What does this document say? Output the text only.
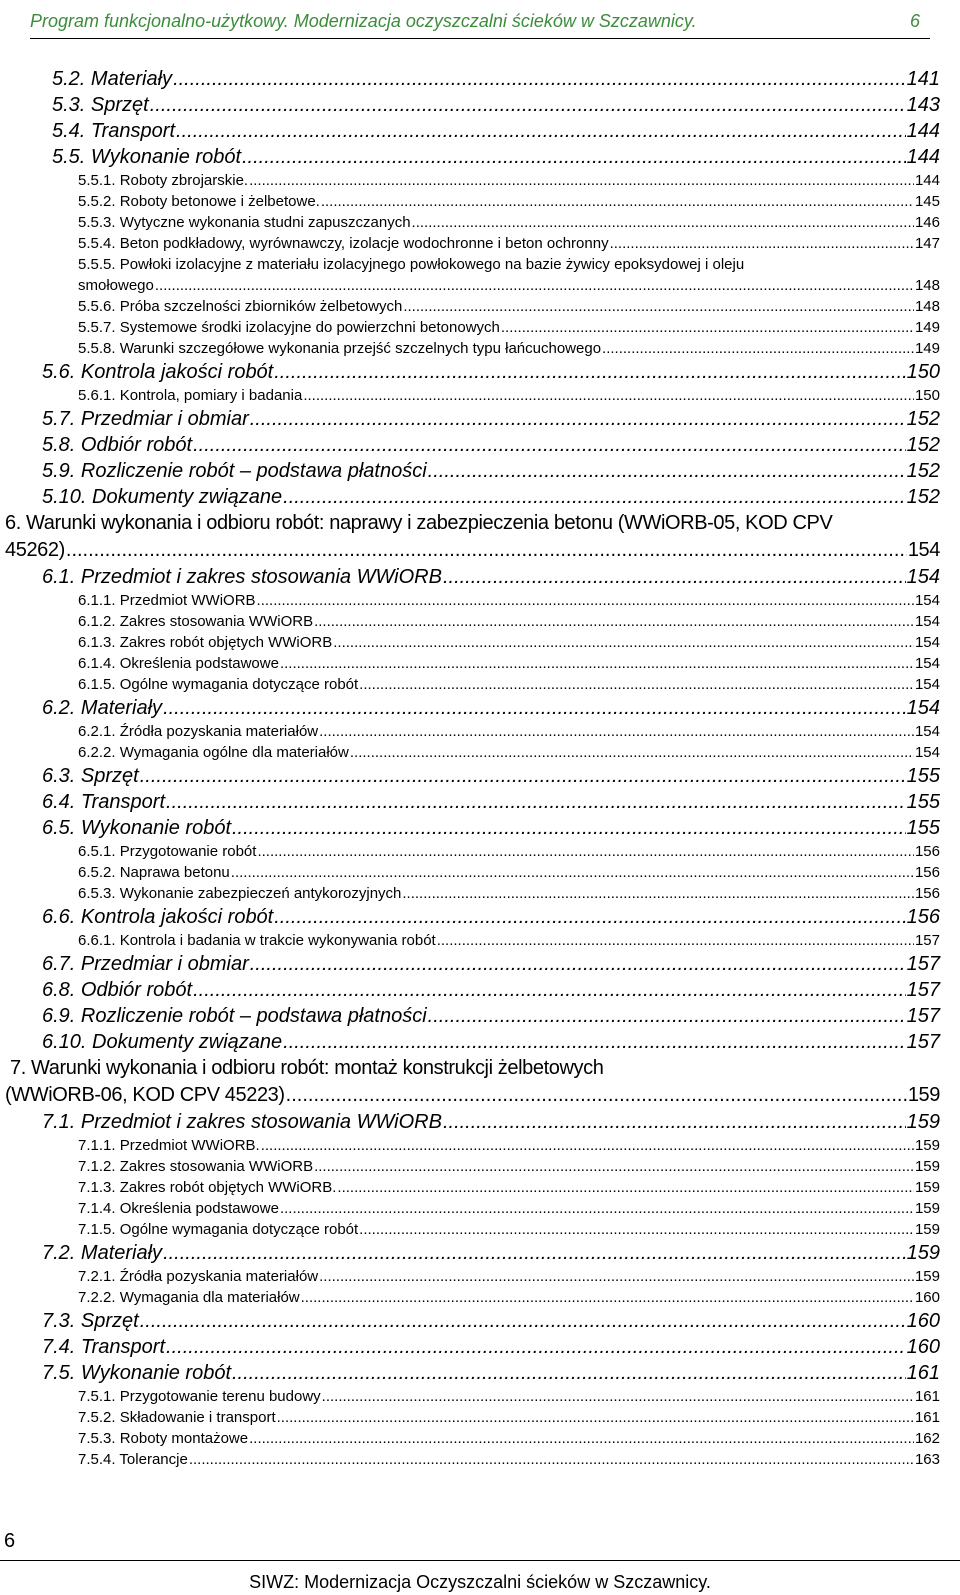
Program funkcjonalno-użytkowy. Modernizacja oczyszczalni ścieków w Szczawnicy.	6
5.2. Materiały .....	141
5.3. Sprzęt .....	143
5.4. Transport .....	144
5.5. Wykonanie robót .....	144
5.5.1. Roboty zbrojarskie. .....	144
5.5.2. Roboty betonowe i żelbetowe. .....	145
5.5.3. Wytyczne wykonania studni zapuszczanych .....	146
5.5.4. Beton podkładowy, wyrównawczy, izolacje wodochronne i beton ochronny .....	147
5.5.5. Powłoki izolacyjne z materiału izolacyjnego powłokowego na bazie żywicy epoksydowej i oleju
smołowego .....	148
5.5.6. Próba szczelności zbiorników żelbetowych .....	148
5.5.7. Systemowe środki izolacyjne do powierzchni betonowych .....	149
5.5.8. Warunki szczegółowe wykonania przejść szczelnych typu łańcuchowego .....	149
5.6. Kontrola jakości robót .....	150
5.6.1. Kontrola, pomiary i badania .....	150
5.7. Przedmiar i obmiar .....	152
5.8. Odbiór robót .....	152
5.9. Rozliczenie robót – podstawa płatności .....	152
5.10. Dokumenty związane .....	152
6. Warunki wykonania i odbioru robót: naprawy i zabezpieczenia betonu (WWiORB-05, KOD CPV
45262) .....	154
6.1. Przedmiot i zakres stosowania WWiORB .....	154
6.1.1. Przedmiot WWiORB .....	154
6.1.2. Zakres stosowania WWiORB .....	154
6.1.3. Zakres robót objętych WWiORB .....	154
6.1.4. Określenia podstawowe .....	154
6.1.5. Ogólne wymagania dotyczące robót .....	154
6.2. Materiały .....	154
6.2.1. Źródła pozyskania materiałów .....	154
6.2.2. Wymagania ogólne dla materiałów .....	154
6.3. Sprzęt .....	155
6.4. Transport .....	155
6.5. Wykonanie robót .....	155
6.5.1. Przygotowanie robót .....	156
6.5.2. Naprawa betonu .....	156
6.5.3. Wykonanie zabezpieczeń antykorozyjnych .....	156
6.6. Kontrola jakości robót .....	156
6.6.1. Kontrola i badania w trakcie wykonywania robót .....	157
6.7. Przedmiar i obmiar .....	157
6.8. Odbiór robót .....	157
6.9. Rozliczenie robót – podstawa płatności .....	157
6.10. Dokumenty związane .....	157
7. Warunki wykonania i odbioru robót: montaż konstrukcji żelbetowych
(WWiORB-06, KOD CPV 45223) .....	159
7.1. Przedmiot i zakres stosowania WWiORB .....	159
7.1.1. Przedmiot WWiORB. .....	159
7.1.2. Zakres stosowania WWiORB .....	159
7.1.3. Zakres robót objętych WWiORB. .....	159
7.1.4. Określenia podstawowe .....	159
7.1.5. Ogólne wymagania dotyczące robót .....	159
7.2. Materiały .....	159
7.2.1. Źródła pozyskania materiałów .....	159
7.2.2. Wymagania dla materiałów .....	160
7.3. Sprzęt .....	160
7.4. Transport .....	160
7.5. Wykonanie robót .....	161
7.5.1. Przygotowanie terenu budowy .....	161
7.5.2. Składowanie i transport .....	161
7.5.3. Roboty montażowe .....	162
7.5.4. Tolerancje .....	163
6
SIWZ: Modernizacja Oczyszczalni ścieków w Szczawnicy.
